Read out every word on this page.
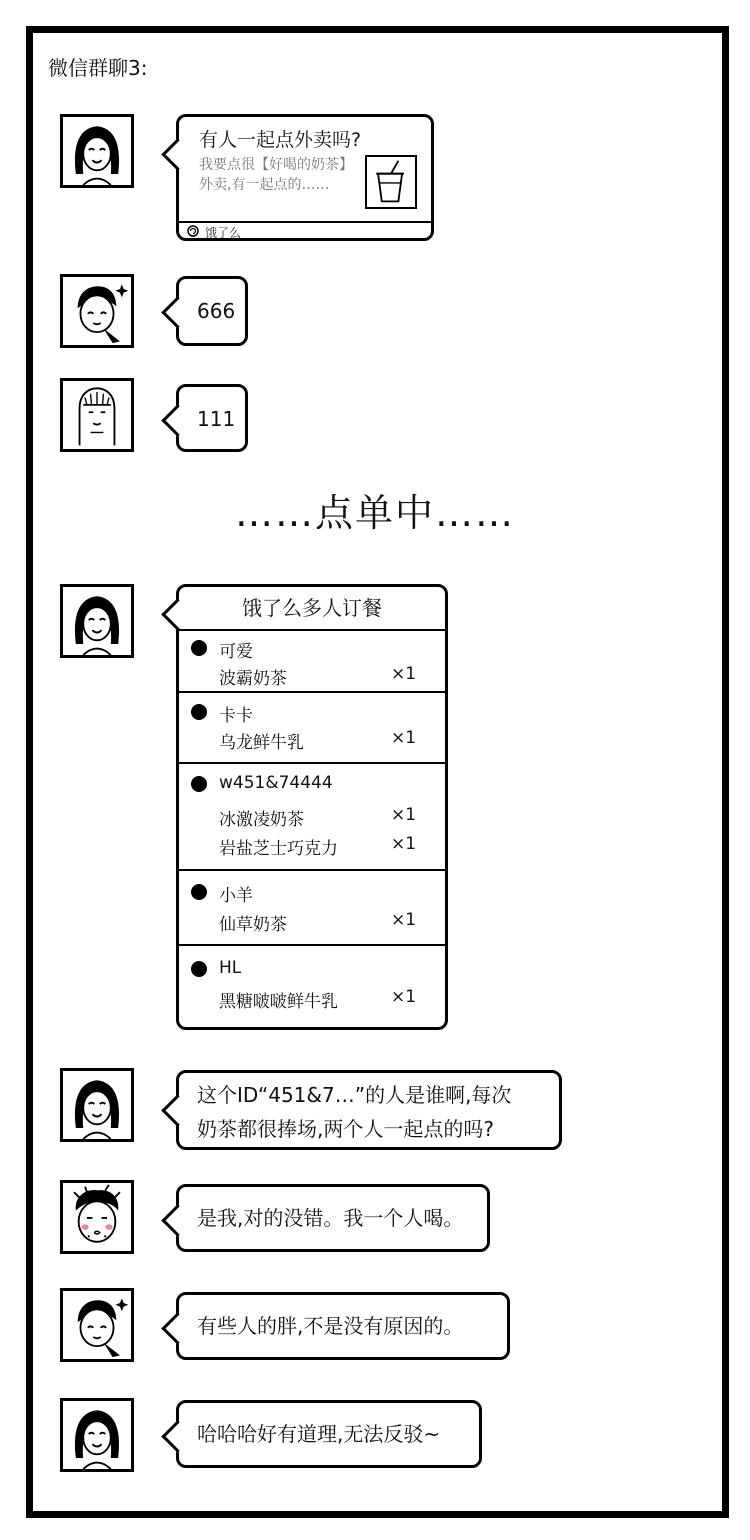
微信群聊3:
有人一起点外卖吗?
我要点很【好喝的奶茶】
外卖,有一起点的……
饿了么
666
111
……点单中……
饿了么多人订餐
可爱
波霸奶茶	×1
卡卡
乌龙鲜牛乳	×1
w451&74444
冰激凌奶茶	×1
岩盐芝士巧克力	×1
小羊
仙草奶茶	×1
HL
黑糖啵啵鲜牛乳	×1
这个ID“451&7…”的人是谁啊,每次
奶茶都很捧场,两个人一起点的吗?
是我,对的没错。我一个人喝。
有些人的胖,不是没有原因的。
哈哈哈好有道理,无法反驳~
